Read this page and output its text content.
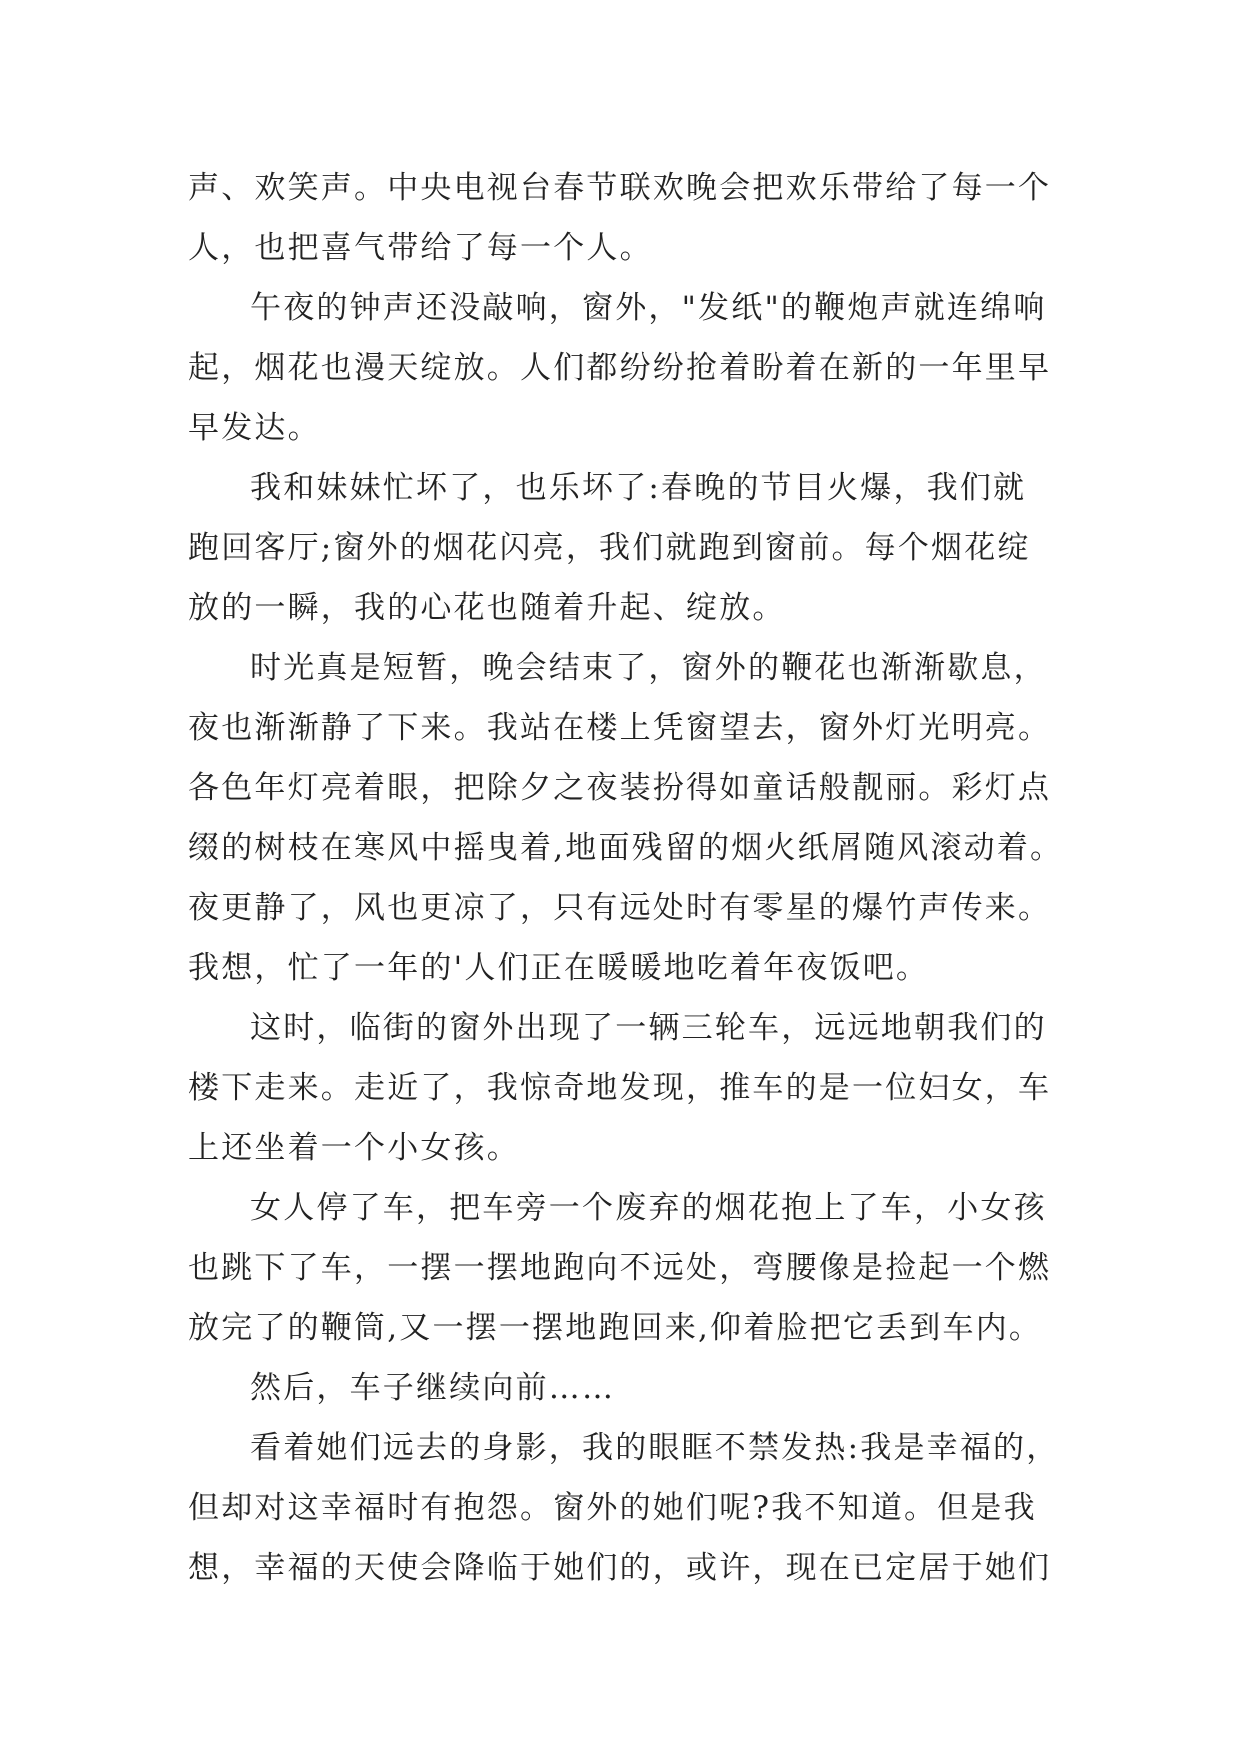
声、欢笑声。中央电视台春节联欢晚会把欢乐带给了每一个
人，也把喜气带给了每一个人。
午夜的钟声还没敲响，窗外，"发纸"的鞭炮声就连绵响
起，烟花也漫天绽放。人们都纷纷抢着盼着在新的一年里早
早发达。
我和妹妹忙坏了，也乐坏了:春晚的节目火爆，我们就
跑回客厅;窗外的烟花闪亮，我们就跑到窗前。每个烟花绽
放的一瞬，我的心花也随着升起、绽放。
时光真是短暂，晚会结束了，窗外的鞭花也渐渐歇息，
夜也渐渐静了下来。我站在楼上凭窗望去，窗外灯光明亮。
各色年灯亮着眼，把除夕之夜装扮得如童话般靓丽。彩灯点
缀的树枝在寒风中摇曳着,地面残留的烟火纸屑随风滚动着。
夜更静了，风也更凉了，只有远处时有零星的爆竹声传来。
我想，忙了一年的'人们正在暖暖地吃着年夜饭吧。
这时，临街的窗外出现了一辆三轮车，远远地朝我们的
楼下走来。走近了，我惊奇地发现，推车的是一位妇女，车
上还坐着一个小女孩。
女人停了车，把车旁一个废弃的烟花抱上了车，小女孩
也跳下了车，一摆一摆地跑向不远处，弯腰像是捡起一个燃
放完了的鞭筒,又一摆一摆地跑回来,仰着脸把它丢到车内。
然后，车子继续向前……
看着她们远去的身影，我的眼眶不禁发热:我是幸福的，
但却对这幸福时有抱怨。窗外的她们呢?我不知道。但是我
想，幸福的天使会降临于她们的，或许，现在已定居于她们
